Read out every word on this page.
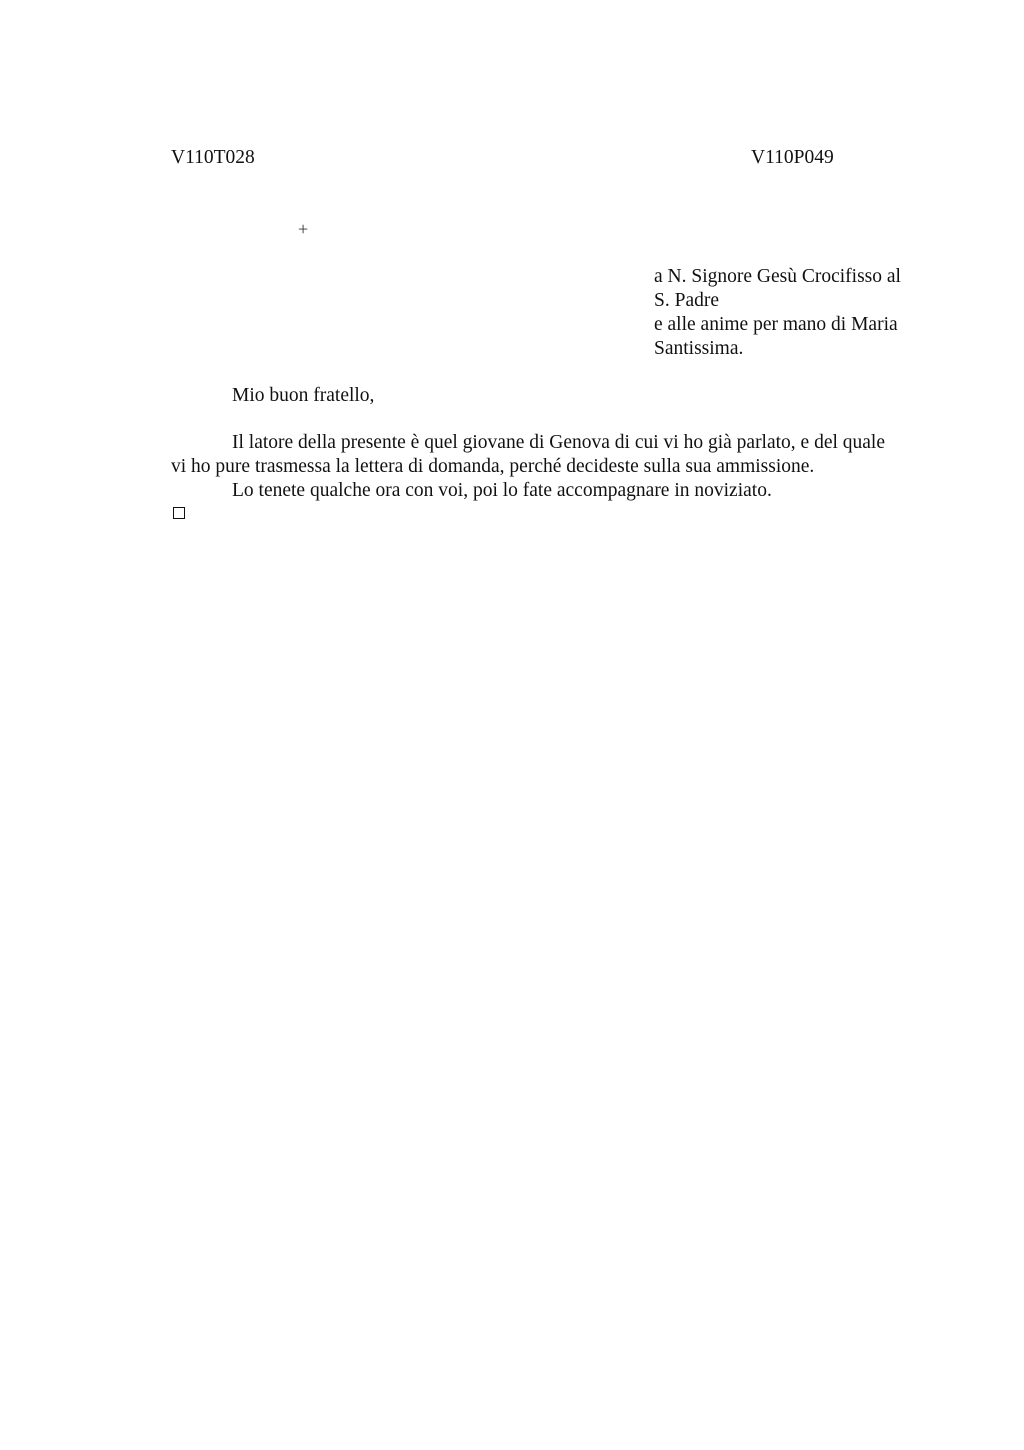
V110T028	V110P049
+
a N. Signore Gesù Crocifisso al
S. Padre
e alle anime per mano di Maria
Santissima.
Mio buon fratello,
Il latore della presente è quel giovane di Genova di cui vi ho già parlato, e del quale
vi ho pure trasmessa la lettera di domanda, perché decideste sulla sua ammissione.
Lo tenete qualche ora con voi, poi lo fate accompagnare in noviziato.
